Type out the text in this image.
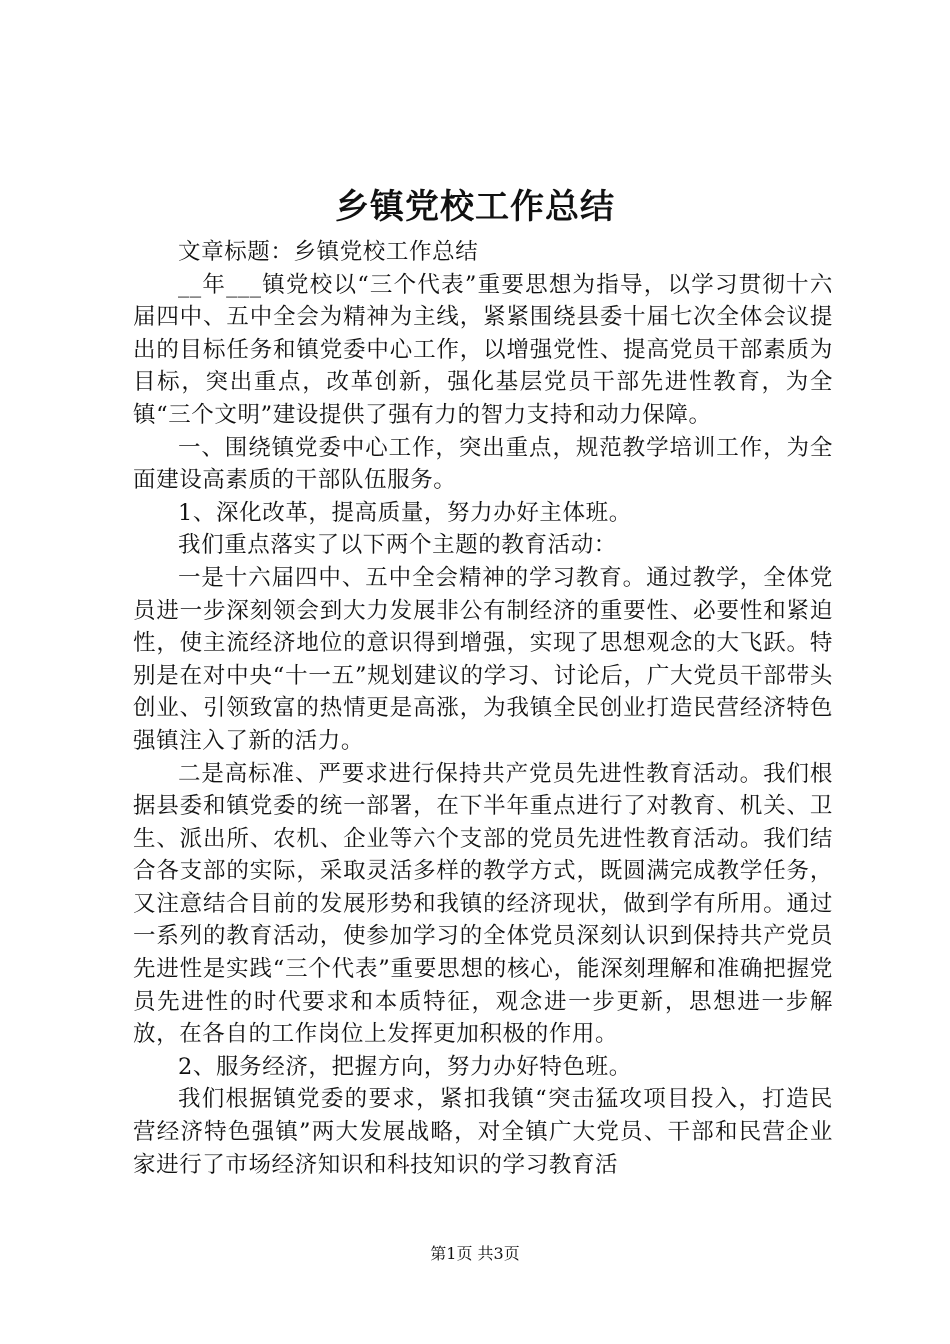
乡镇党校工作总结

文章标题：乡镇党校工作总结

__年___镇党校以“三个代表”重要思想为指导，以学习贯彻十六届四中、五中全会为精神为主线，紧紧围绕县委十届七次全体会议提出的目标任务和镇党委中心工作，以增强党性、提高党员干部素质为目标，突出重点，改革创新，强化基层党员干部先进性教育，为全镇“三个文明”建设提供了强有力的智力支持和动力保障。

一、围绕镇党委中心工作，突出重点，规范教学培训工作，为全面建设高素质的干部队伍服务。

1、深化改革，提高质量，努力办好主体班。

我们重点落实了以下两个主题的教育活动：

一是十六届四中、五中全会精神的学习教育。通过教学，全体党员进一步深刻领会到大力发展非公有制经济的重要性、必要性和紧迫性，使主流经济地位的意识得到增强，实现了思想观念的大飞跃。特别是在对中央“十一五”规划建议的学习、讨论后，广大党员干部带头创业、引领致富的热情更是高涨，为我镇全民创业打造民营经济特色强镇注入了新的活力。

二是高标准、严要求进行保持共产党员先进性教育活动。我们根据县委和镇党委的统一部署，在下半年重点进行了对教育、机关、卫生、派出所、农机、企业等六个支部的党员先进性教育活动。我们结合各支部的实际，采取灵活多样的教学方式，既圆满完成教学任务，又注意结合目前的发展形势和我镇的经济现状，做到学有所用。通过一系列的教育活动，使参加学习的全体党员深刻认识到保持共产党员先进性是实践“三个代表”重要思想的核心，能深刻理解和准确把握党员先进性的时代要求和本质特征，观念进一步更新，思想进一步解放，在各自的工作岗位上发挥更加积极的作用。

2、服务经济，把握方向，努力办好特色班。

我们根据镇党委的要求，紧扣我镇“突击猛攻项目投入，打造民营经济特色强镇”两大发展战略，对全镇广大党员、干部和民营企业家进行了市场经济知识和科技知识的学习教育活

第1页 共3页
